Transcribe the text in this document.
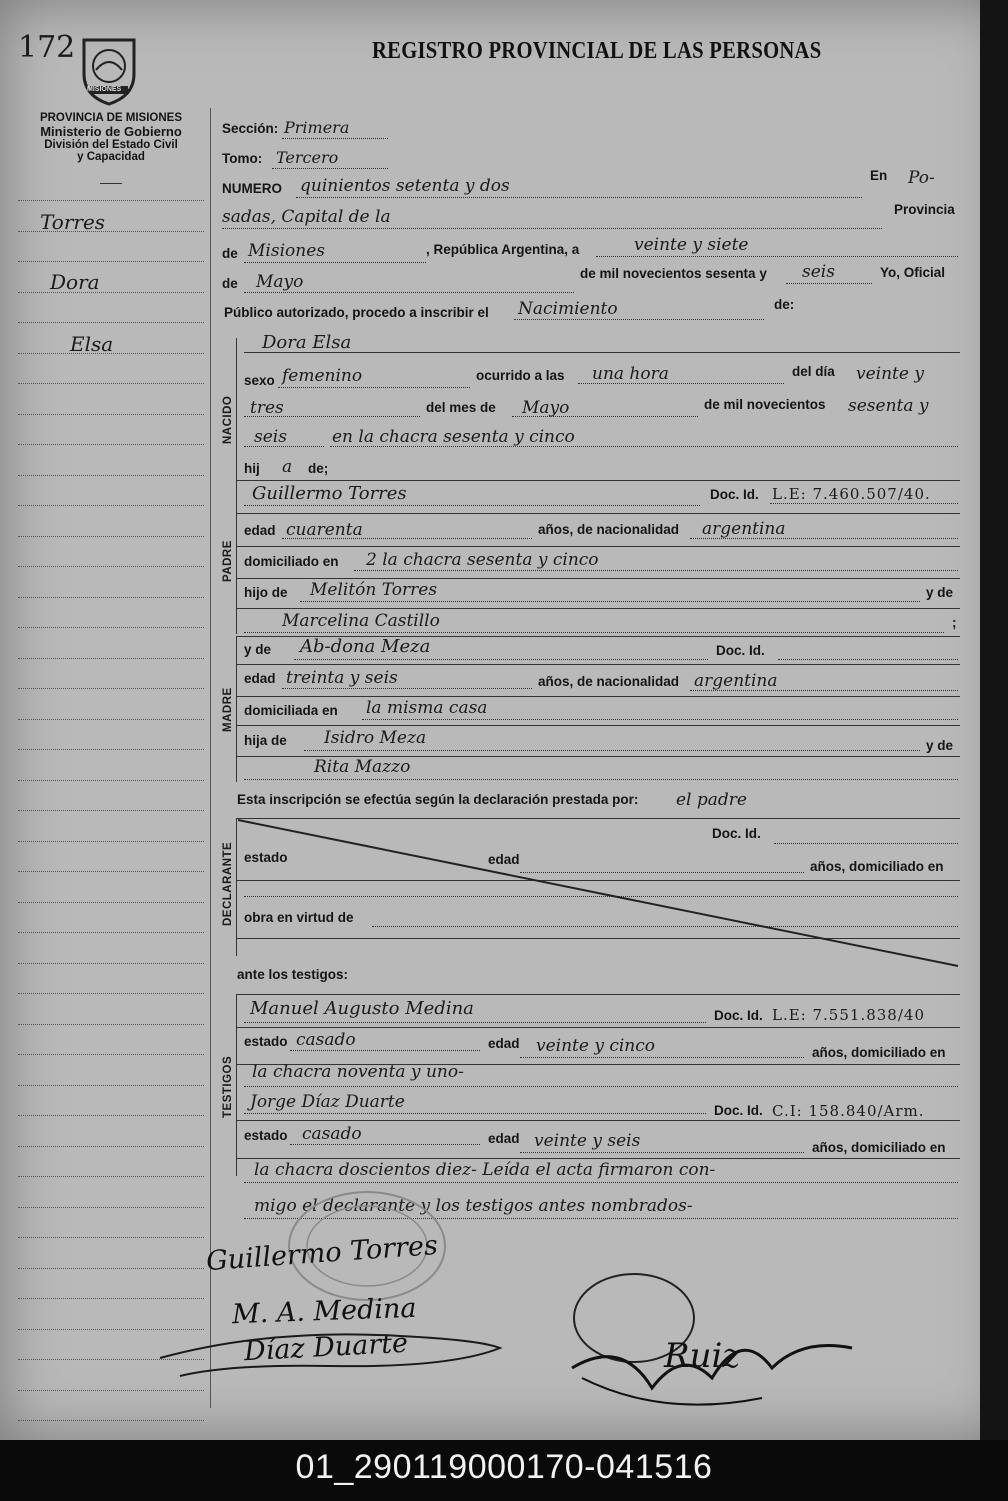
172
MISIONES
REGISTRO PROVINCIAL DE LAS PERSONAS
PROVINCIA DE MISIONES
Ministerio de Gobierno
División del Estado Civil
y Capacidad
Torres
Dora
Elsa
Sección: Primera
Tomo: Tercero
NUMERO quinientos setenta y dos
En Po-
sadas, Capital de la	Provincia
de Misiones	, República Argentina, a	veinte y siete
de Mayo	de mil novecientos sesenta y seis	Yo, Oficial
Público autorizado, procedo a inscribir el Nacimiento	de:
NACIDO
Dora Elsa
sexo femenino	ocurrido a las una hora	del día veinte y
tres	del mes de Mayo	de mil novecientos sesenta y
seis	en la chacra sesenta y cinco
hij a de;
PADRE
Guillermo Torres	Doc. Id. L.E: 7.460.507/40.
edad cuarenta	años, de nacionalidad argentina
domiciliado en 2 la chacra sesenta y cinco
hijo de Melitón Torres	y de
Marcelina Castillo	;
MADRE
y de Ab-dona Meza	Doc. Id.
edad treinta y seis	años, de nacionalidad argentina
domiciliada en la misma casa
hija de Isidro Meza	y de
Rita Mazzo
Esta inscripción se efectúa según la declaración prestada por: el padre
DECLARANTE
Doc. Id.
estado	edad	años, domiciliado en
obra en virtud de
ante los testigos:
TESTIGOS
Manuel Augusto Medina	Doc. Id. L.E: 7.551.838/40
estado casado	edad veinte y cinco	años, domiciliado en
la chacra noventa y uno-
Jorge Díaz Duarte	Doc. Id. C.I: 158.840/Arm.
estado casado	edad veinte y seis	años, domiciliado en
la chacra doscientos diez- Leída el acta firmaron con-
migo el declarante y los testigos antes nombrados-
Guillermo Torres
M. A. Medina
Díaz Duarte	Ruiz
01_290119000170-041516
